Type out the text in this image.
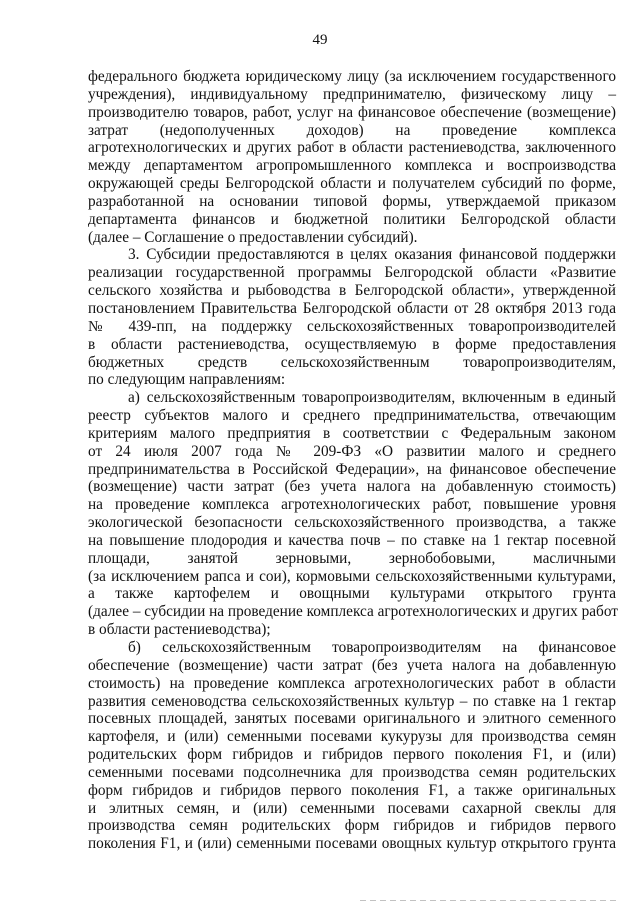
49
федерального бюджета юридическому лицу (за исключением государственного
учреждения), индивидуальному предпринимателю, физическому лицу –
производителю товаров, работ, услуг на финансовое обеспечение (возмещение)
затрат (недополученных доходов) на проведение комплекса
агротехнологических и других работ в области растениеводства, заключенного
между департаментом агропромышленного комплекса и воспроизводства
окружающей среды Белгородской области и получателем субсидий по форме,
разработанной на основании типовой формы, утверждаемой приказом
департамента финансов и бюджетной политики Белгородской области
(далее – Соглашение о предоставлении субсидий).
3. Субсидии предоставляются в целях оказания финансовой поддержки
реализации государственной программы Белгородской области «Развитие
сельского хозяйства и рыбоводства в Белгородской области», утвержденной
постановлением Правительства Белгородской области от 28 октября 2013 года
№ 439-пп, на поддержку сельскохозяйственных товаропроизводителей
в области растениеводства, осуществляемую в форме предоставления
бюджетных средств сельскохозяйственным товаропроизводителям,
по следующим направлениям:
а) сельскохозяйственным товаропроизводителям, включенным в единый
реестр субъектов малого и среднего предпринимательства, отвечающим
критериям малого предприятия в соответствии с Федеральным законом
от 24 июля 2007 года № 209-ФЗ «О развитии малого и среднего
предпринимательства в Российской Федерации», на финансовое обеспечение
(возмещение) части затрат (без учета налога на добавленную стоимость)
на проведение комплекса агротехнологических работ, повышение уровня
экологической безопасности сельскохозяйственного производства, а также
на повышение плодородия и качества почв – по ставке на 1 гектар посевной
площади, занятой зерновыми, зернобобовыми, масличными
(за исключением рапса и сои), кормовыми сельскохозяйственными культурами,
а также картофелем и овощными культурами открытого грунта
(далее – субсидии на проведение комплекса агротехнологических и других работ
в области растениеводства);
б) сельскохозяйственным товаропроизводителям на финансовое
обеспечение (возмещение) части затрат (без учета налога на добавленную
стоимость) на проведение комплекса агротехнологических работ в области
развития семеноводства сельскохозяйственных культур – по ставке на 1 гектар
посевных площадей, занятых посевами оригинального и элитного семенного
картофеля, и (или) семенными посевами кукурузы для производства семян
родительских форм гибридов и гибридов первого поколения F1, и (или)
семенными посевами подсолнечника для производства семян родительских
форм гибридов и гибридов первого поколения F1, а также оригинальных
и элитных семян, и (или) семенными посевами сахарной свеклы для
производства семян родительских форм гибридов и гибридов первого
поколения F1, и (или) семенными посевами овощных культур открытого грунта
